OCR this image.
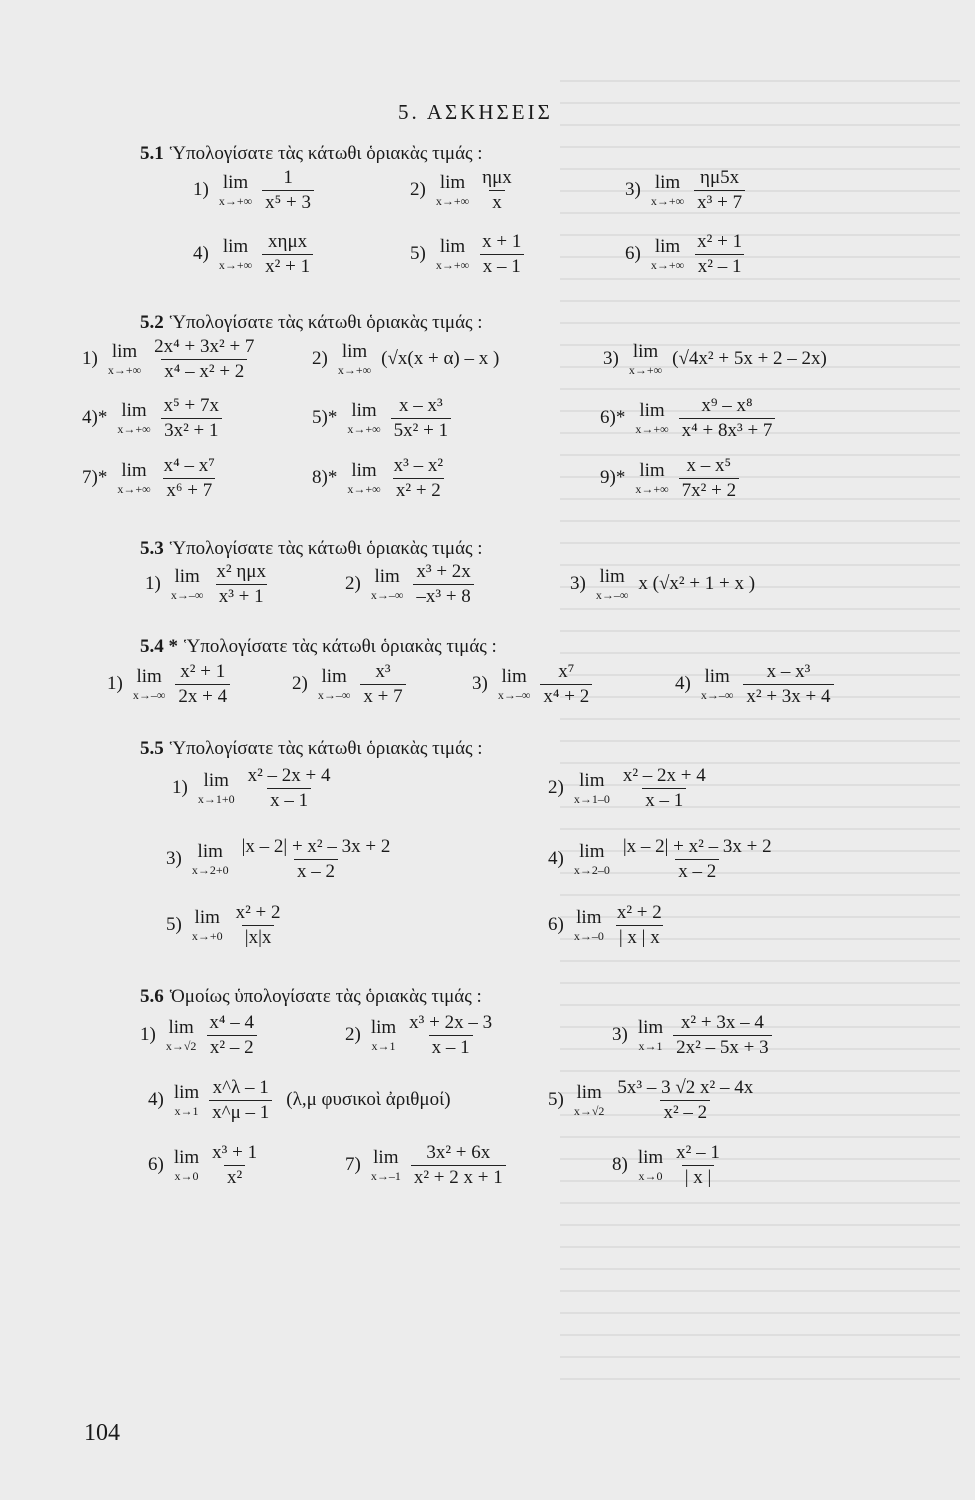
5. ΑΣΚΗΣΕΙΣ
5.1 Ὑπολογίσατε τὰς κάτωθι ὁριακὰς τιμάς :
1) lim
$x\to+\infty \frac{1}{\text{x⁵ + 3}}$	2) lim
$x\to+\infty \frac{\text{ημx}}{x}$	3) lim
$x\to+\infty \frac{\eta\mu 5x}{\text{x³ + 7}}$
4) lim
$x\to+\infty \frac{\text{xημx}}{\text{x² + 1}}$	5) lim
$x\to+\infty \frac{x + 1}{x - 1}$	6) lim
$x\to+\infty \frac{\text{x² + 1}}{\text{x² – 1}}$
5.2 Ὑπολογίσατε τὰς κάτωθι ὁριακὰς τιμάς :
1) lim
$x\to+\infty \frac{\text{2x⁴ + 3x² + 7}}{\text{x⁴ – x² + 2}}$	2) lim
x→+∞
(√x(x + α) – x )	3) lim
x→+∞
(√4x² + 5x + 2 – 2x)
4)* lim
$x\to+\infty \frac{\text{x⁵ + 7x}}{\text{3x² + 1}}$	5)* lim
$x\to+\infty \frac{\text{x – x³}}{\text{5x² + 1}}$	6)* lim
$x\to+\infty \frac{\text{x⁹ – x⁸}}{\text{x⁴ + 8x³ + 7}}$
7)* lim
$x\to+\infty \frac{\text{x⁴ – x⁷}}{\text{x⁶ + 7}}$	8)* lim
$x\to+\infty \frac{\text{x³ – x²}}{\text{x² + 2}}$	9)* lim
$x\to+\infty \frac{\text{x – x⁵}}{\text{7x² + 2}}$
5.3 Ὑπολογίσατε τὰς κάτωθι ὁριακὰς τιμάς :
1) lim
$x\to-\infty \frac{\text{x² ημx}}{\text{x³ + 1}}$	2) lim
$x\to-\infty \frac{\text{x³ + 2x}}{\text{–x³ + 8}}$	3) lim
x→–∞
x (√x² + 1 + x )
5.4 * Ὑπολογίσατε τὰς κάτωθι ὁριακὰς τιμάς :
1) lim
$x\to-\infty \frac{\text{x² + 1}}{2x + 4}$	2) lim
$x\to-\infty \frac{\text{x³}}{x + 7}$	3) lim
$x\to-\infty \frac{\text{x⁷}}{\text{x⁴ + 2}}$	4) lim
$x\to-\infty \frac{\text{x – x³}}{\text{x² + 3x + 4}}$
5.5 Ὑπολογίσατε τὰς κάτωθι ὁριακὰς τιμάς :
1) lim
$x\to 1+0 \frac{\text{x² – 2x + 4}}{x - 1}$	2) lim
$x\to 1-0 \frac{\text{x² – 2x + 4}}{x - 1}$
3) lim
$x\to 2+0 \frac{\text{|x – 2| + x² – 3x + 2}}{x - 2}$	4) lim
$x\to 2-0 \frac{\text{|x – 2| + x² – 3x + 2}}{x - 2}$
5) lim
$x\to+0 \frac{\text{x² + 2}}{|x|x}$	6) lim
$x\to-0 \frac{\text{x² + 2}}{| x | x}$
5.6 Ὁμοίως ὑπολογίσατε τὰς ὁριακὰς τιμάς :
1) lim
$x\to√2 \frac{\text{x⁴ – 4}}{\text{x² – 2}}$	2) lim
$x\to 1 \frac{\text{x³ + 2x – 3}}{x - 1}$	3) lim
$x\to 1 \frac{\text{x² + 3x – 4}}{\text{2x² – 5x + 3}}$
4) lim
$x\to 1 \frac{x\^{}\lambda - 1}{x\^{}\mu - 1} (\lambda,\mu$ φυσικοὶ ἀριθμοί)	5) lim
$x\to√2 \frac{\text{5x³ – 3 √2 x² – 4x}}{\text{x² – 2}}$
6) lim
$x\to 0 \frac{\text{x³ + 1}}{\text{x²}}$	7) lim
$x\to-1 \frac{\text{3x² + 6x}}{\text{x² + 2 x + 1}}$	8) lim
$x\to 0 \frac{\text{x² – 1}}{| x |}$
104
